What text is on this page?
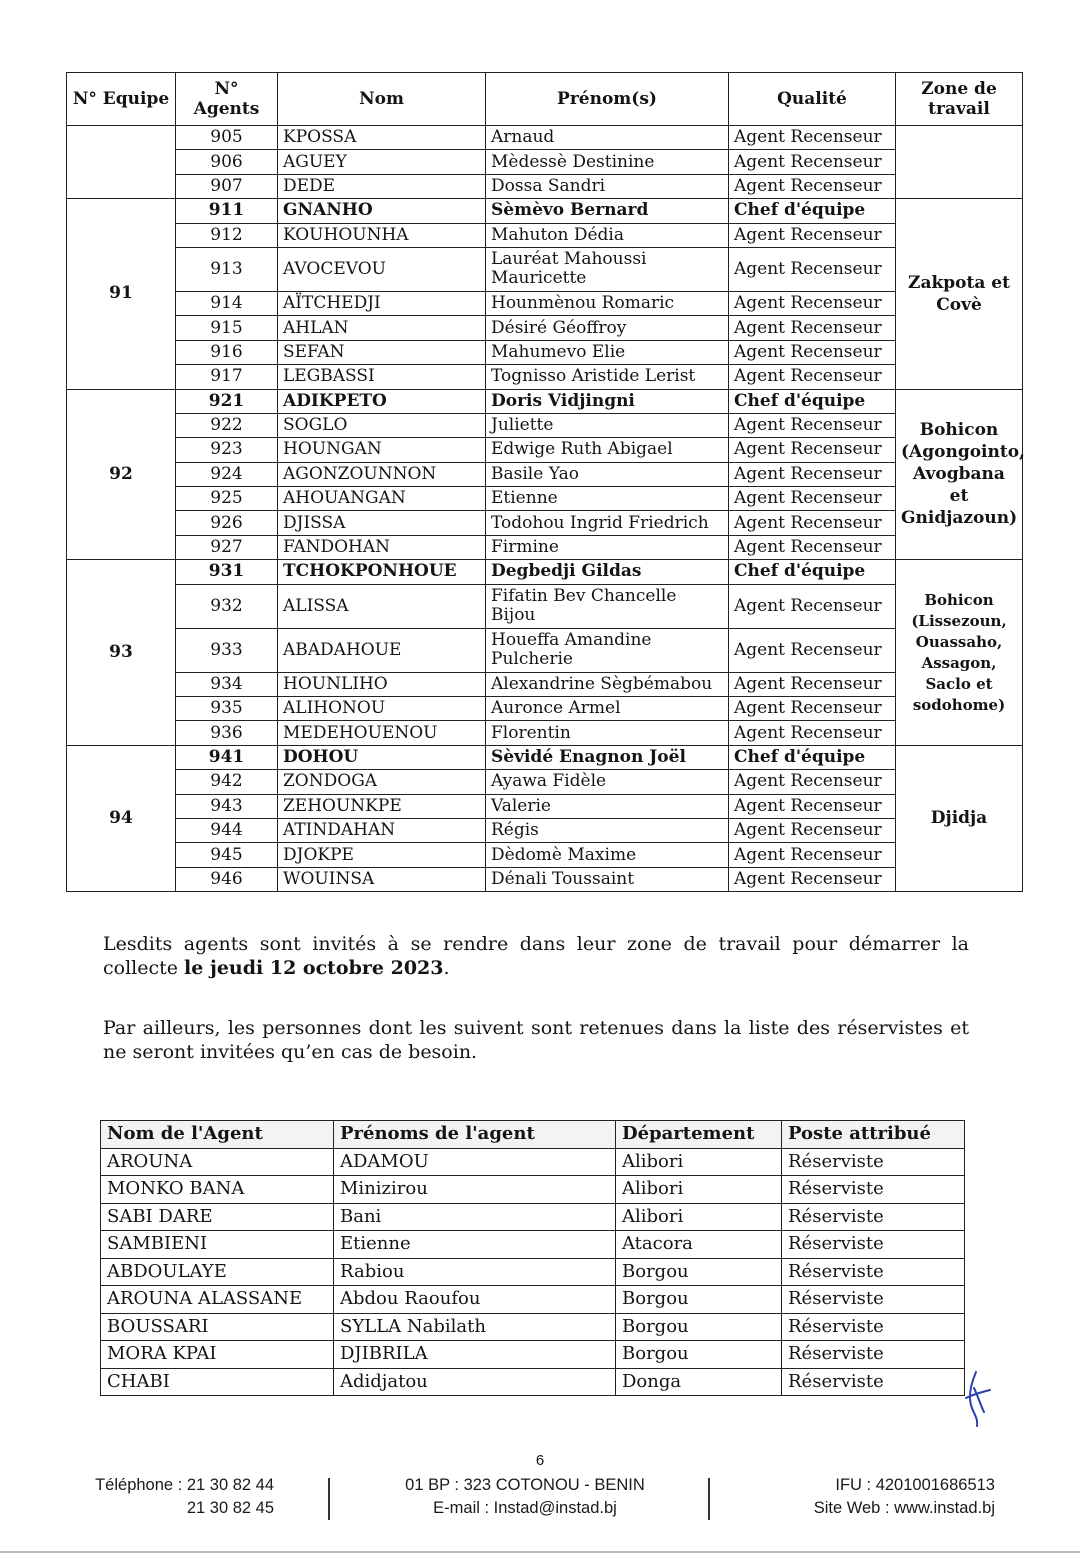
N° Equipe	N° Agents	Nom	Prénom(s)	Qualité	Zone de travail
	905	KPOSSA	Arnaud	Agent Recenseur	
	906	AGUEY	Mèdessè Destinine	Agent Recenseur	
	907	DEDE	Dossa Sandri	Agent Recenseur	
91	911	GNANHO	Sèmèvo Bernard	Chef d'équipe	Zakpota et Covè
	912	KOUHOUNHA	Mahuton Dédia	Agent Recenseur	
	913	AVOCEVOU	Lauréat Mahoussi Mauricette	Agent Recenseur	
	914	AÏTCHEDJI	Hounmènou Romaric	Agent Recenseur	
	915	AHLAN	Désiré Géoffroy	Agent Recenseur	
	916	SEFAN	Mahumevo Elie	Agent Recenseur	
	917	LEGBASSI	Tognisso Aristide Lerist	Agent Recenseur	
92	921	ADIKPETO	Doris Vidjingni	Chef d'équipe	Bohicon (Agongointo, Avogbana et Gnidjazoun)
	922	SOGLO	Juliette	Agent Recenseur	
	923	HOUNGAN	Edwige Ruth Abigael	Agent Recenseur	
	924	AGONZOUNNON	Basile Yao	Agent Recenseur	
	925	AHOUANGAN	Etienne	Agent Recenseur	
	926	DJISSA	Todohou Ingrid Friedrich	Agent Recenseur	
	927	FANDOHAN	Firmine	Agent Recenseur	
93	931	TCHOKPONHOUE	Degbedji Gildas	Chef d'équipe	Bohicon (Lissezoun, Ouassaho, Assagon, Saclo et sodohome)
	932	ALISSA	Fifatin Bev Chancelle Bijou	Agent Recenseur	
	933	ABADAHOUE	Houeffa Amandine Pulcherie	Agent Recenseur	
	934	HOUNLIHO	Alexandrine Sègbémabou	Agent Recenseur	
	935	ALIHONOU	Auronce Armel	Agent Recenseur	
	936	MEDEHOUENOU	Florentin	Agent Recenseur	
94	941	DOHOU	Sèvidé Enagnon Joël	Chef d'équipe	Djidja
	942	ZONDOGA	Ayawa Fidèle	Agent Recenseur	
	943	ZEHOUNKPE	Valerie	Agent Recenseur	
	944	ATINDAHAN	Régis	Agent Recenseur	
	945	DJOKPE	Dèdomè Maxime	Agent Recenseur	
	946	WOUINSA	Dénali Toussaint	Agent Recenseur	
Lesdits agents sont invités à se rendre dans leur zone de travail pour démarrer la collecte le jeudi 12 octobre 2023.
Par ailleurs, les personnes dont les suivent sont retenues dans la liste des réservistes et ne seront invitées qu’en cas de besoin.
Nom de l'Agent	Prénoms de l'agent	Département	Poste attribué
AROUNA	ADAMOU	Alibori	Réserviste
MONKO BANA	Minizirou	Alibori	Réserviste
SABI DARE	Bani	Alibori	Réserviste
SAMBIENI	Etienne	Atacora	Réserviste
ABDOULAYE	Rabiou	Borgou	Réserviste
AROUNA ALASSANE	Abdou Raoufou	Borgou	Réserviste
BOUSSARI	SYLLA Nabilath	Borgou	Réserviste
MORA KPAI	DJIBRILA	Borgou	Réserviste
CHABI	Adidjatou	Donga	Réserviste
6
Téléphone : 21 30 82 44
21 30 82 45
01 BP : 323 COTONOU - BENIN
E-mail : Instad@instad.bj
IFU : 4201001686513
Site Web : www.instad.bj
